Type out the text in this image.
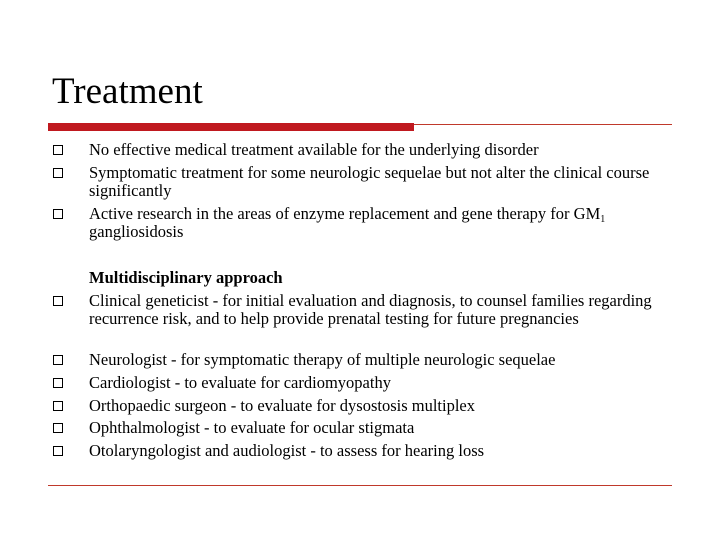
Treatment
No effective medical treatment available for the underlying disorder
Symptomatic treatment for some neurologic sequelae but not alter the clinical course significantly
Active research in the areas of enzyme replacement and gene therapy for $GM_1$ gangliosidosis
Multidisciplinary approach
Clinical geneticist - for initial evaluation and diagnosis, to counsel families regarding recurrence risk, and to help provide prenatal testing for future pregnancies
Neurologist - for symptomatic therapy of multiple neurologic sequelae
Cardiologist - to evaluate for cardiomyopathy
Orthopaedic surgeon - to evaluate for dysostosis multiplex
Ophthalmologist - to evaluate for ocular stigmata
Otolaryngologist and audiologist - to assess for hearing loss
